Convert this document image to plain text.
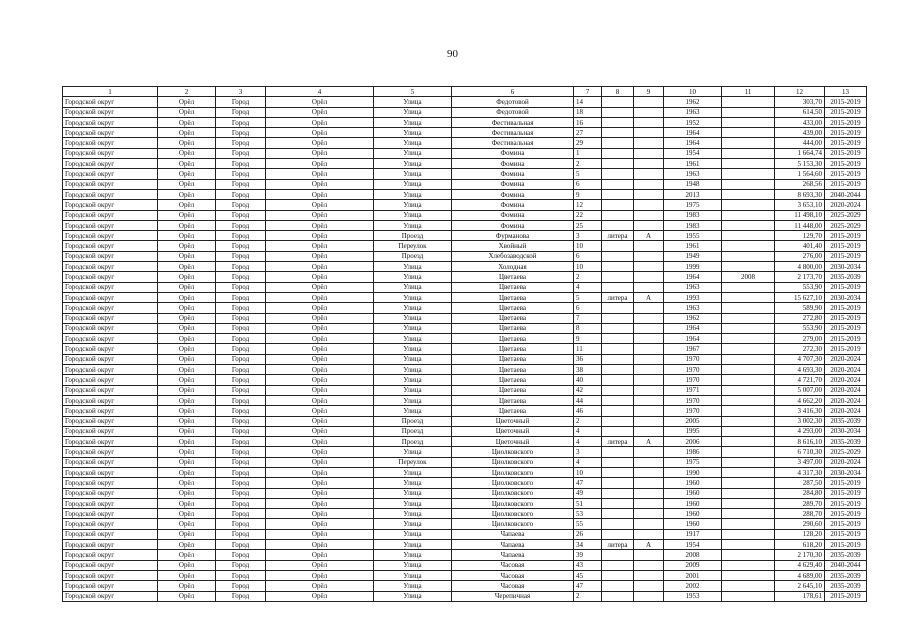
90
1	2	3	4	5	6	7	8	9	10	11	12	13
Городской округ	Орёл	Город	Орёл	Улица	Федотовой	14			1962		303,70	2015-2019
Городской округ	Орёл	Город	Орёл	Улица	Федотовой	18			1963		614,50	2015-2019
Городской округ	Орёл	Город	Орёл	Улица	Фестивальная	16			1952		433,00	2015-2019
Городской округ	Орёл	Город	Орёл	Улица	Фестивальная	27			1964		439,00	2015-2019
Городской округ	Орёл	Город	Орёл	Улица	Фестивальная	29			1964		444,00	2015-2019
Городской округ	Орёл	Город	Орёл	Улица	Фомина	1			1954		1 664,74	2015-2019
Городской округ	Орёл	Город	Орёл	Улица	Фомина	2			1961		5 153,30	2015-2019
Городской округ	Орёл	Город	Орёл	Улица	Фомина	5			1963		1 564,60	2015-2019
Городской округ	Орёл	Город	Орёл	Улица	Фомина	6			1948		268,56	2015-2019
Городской округ	Орёл	Город	Орёл	Улица	Фомина	9			2013		8 693,30	2040-2044
Городской округ	Орёл	Город	Орёл	Улица	Фомина	12			1975		3 653,10	2020-2024
Городской округ	Орёл	Город	Орёл	Улица	Фомина	22			1983		11 498,10	2025-2029
Городской округ	Орёл	Город	Орёл	Улица	Фомина	25			1983		11 448,00	2025-2029
Городской округ	Орёл	Город	Орёл	Проезд	Фурманова	3	литера	А	1955		129,70	2015-2019
Городской округ	Орёл	Город	Орёл	Переулок	Хвойный	10			1961		401,40	2015-2019
Городской округ	Орёл	Город	Орёл	Проезд	Хлебозаводской	6			1949		276,00	2015-2019
Городской округ	Орёл	Город	Орёл	Улица	Холодная	10			1999		4 800,00	2030-2034
Городской округ	Орёл	Город	Орёл	Улица	Цветаева	2			1964	2008	2 173,70	2035-2039
Городской округ	Орёл	Город	Орёл	Улица	Цветаева	4			1963		553,90	2015-2019
Городской округ	Орёл	Город	Орёл	Улица	Цветаева	5	литера	А	1993		15 627,10	2030-2034
Городской округ	Орёл	Город	Орёл	Улица	Цветаева	6			1963		589,90	2015-2019
Городской округ	Орёл	Город	Орёл	Улица	Цветаева	7			1962		272,80	2015-2019
Городской округ	Орёл	Город	Орёл	Улица	Цветаева	8			1964		553,90	2015-2019
Городской округ	Орёл	Город	Орёл	Улица	Цветаева	9			1964		279,00	2015-2019
Городской округ	Орёл	Город	Орёл	Улица	Цветаева	11			1967		272,30	2015-2019
Городской округ	Орёл	Город	Орёл	Улица	Цветаева	36			1970		4 707,30	2020-2024
Городской округ	Орёл	Город	Орёл	Улица	Цветаева	38			1970		4 693,30	2020-2024
Городской округ	Орёл	Город	Орёл	Улица	Цветаева	40			1970		4 721,70	2020-2024
Городской округ	Орёл	Город	Орёл	Улица	Цветаева	42			1971		5 007,00	2020-2024
Городской округ	Орёл	Город	Орёл	Улица	Цветаева	44			1970		4 662,20	2020-2024
Городской округ	Орёл	Город	Орёл	Улица	Цветаева	46			1970		3 416,30	2020-2024
Городской округ	Орёл	Город	Орёл	Проезд	Цветочный	2			2005		3 002,30	2035-2039
Городской округ	Орёл	Город	Орёл	Проезд	Цветочный	4			1995		4 293,00	2030-2034
Городской округ	Орёл	Город	Орёл	Проезд	Цветочный	4	литера	А	2006		8 616,10	2035-2039
Городской округ	Орёл	Город	Орёл	Улица	Циолковского	3			1986		6 710,30	2025-2029
Городской округ	Орёл	Город	Орёл	Переулок	Циолковского	4			1975		3 497,00	2020-2024
Городской округ	Орёл	Город	Орёл	Улица	Циолковского	10			1990		4 317,30	2030-2034
Городской округ	Орёл	Город	Орёл	Улица	Циолковского	47			1960		287,50	2015-2019
Городской округ	Орёл	Город	Орёл	Улица	Циолковского	49			1960		284,80	2015-2019
Городской округ	Орёл	Город	Орёл	Улица	Циолковского	51			1960		289,70	2015-2019
Городской округ	Орёл	Город	Орёл	Улица	Циолковского	53			1960		288,70	2015-2019
Городской округ	Орёл	Город	Орёл	Улица	Циолковского	55			1960		290,60	2015-2019
Городской округ	Орёл	Город	Орёл	Улица	Чапаева	26			1917		128,20	2015-2019
Городской округ	Орёл	Город	Орёл	Улица	Чапаева	34	литера	А	1954		618,20	2015-2019
Городской округ	Орёл	Город	Орёл	Улица	Чапаева	39			2008		2 170,30	2035-2039
Городской округ	Орёл	Город	Орёл	Улица	Часовая	43			2009		4 629,40	2040-2044
Городской округ	Орёл	Город	Орёл	Улица	Часовая	45			2001		4 689,00	2035-2039
Городской округ	Орёл	Город	Орёл	Улица	Часовая	47			2002		2 645,10	2035-2039
Городской округ	Орёл	Город	Орёл	Улица	Черепичная	2			1953		178,61	2015-2019
